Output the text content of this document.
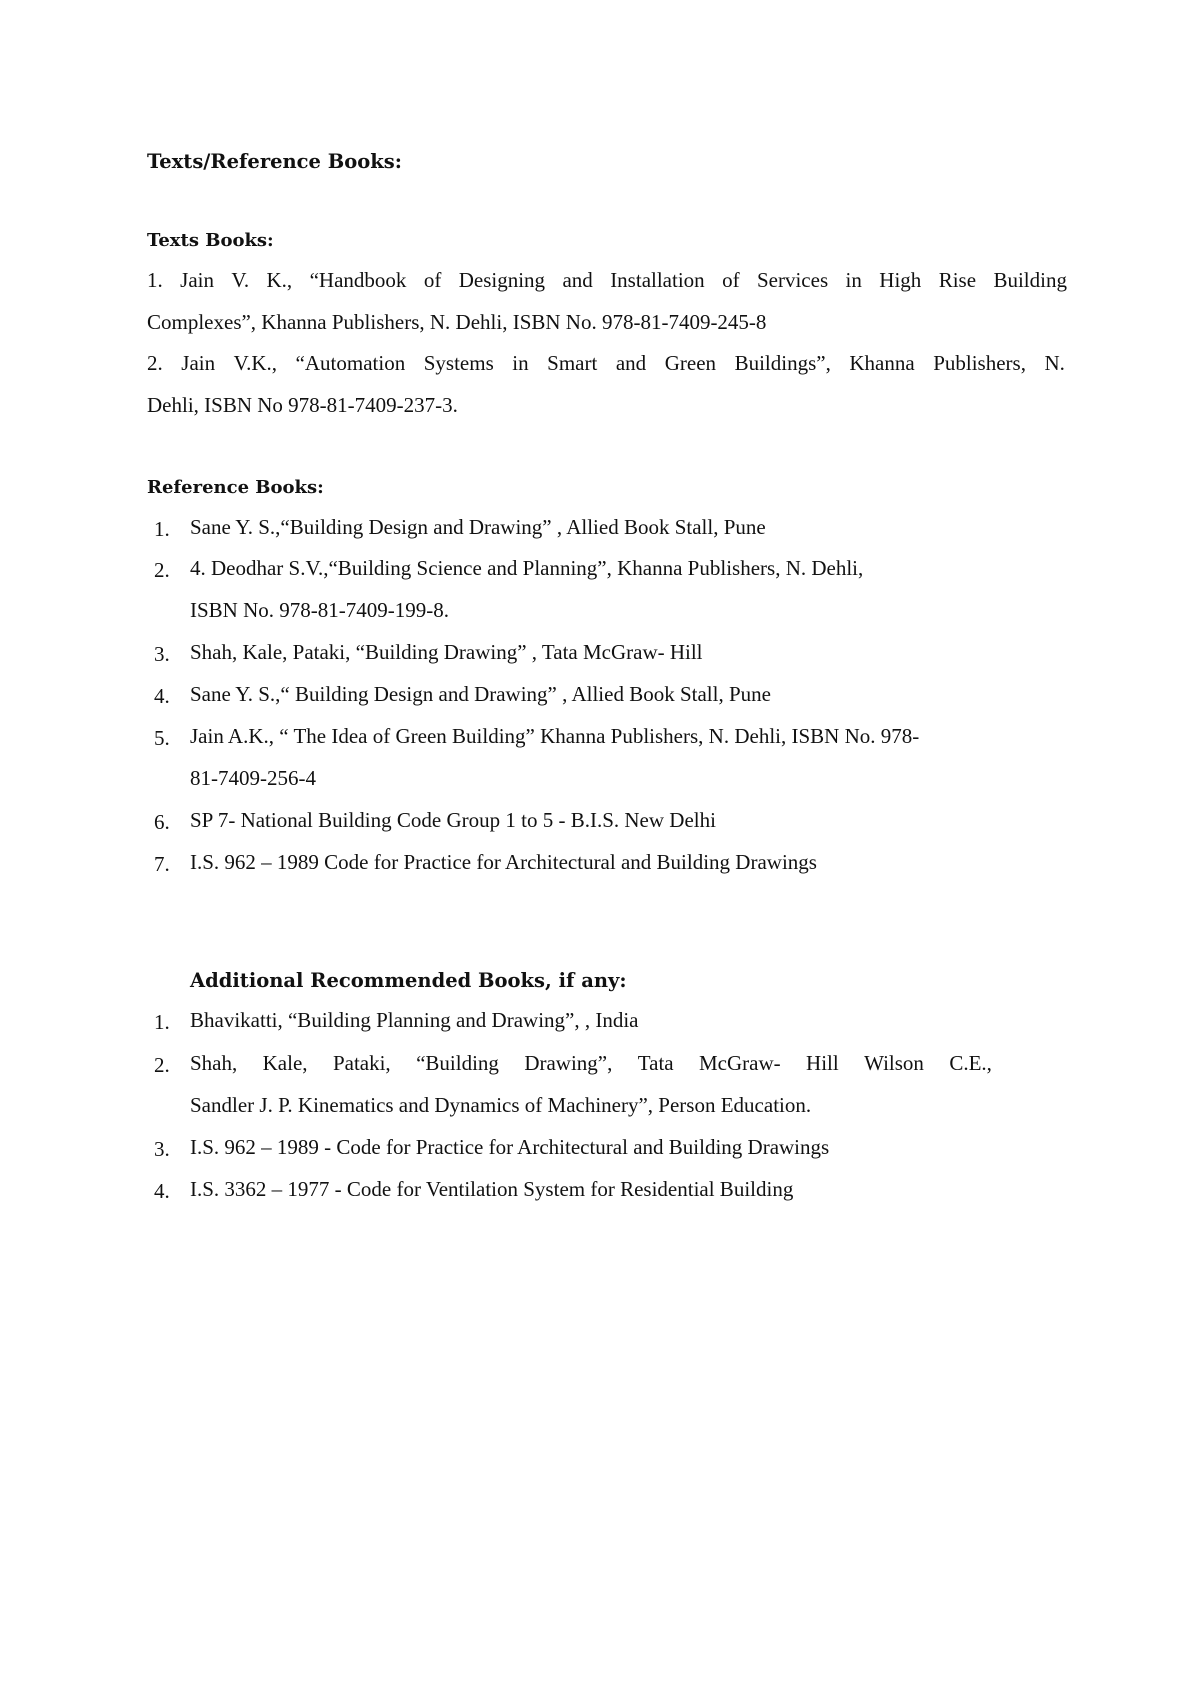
Texts/Reference Books:
Texts Books:
1. Jain V. K., “Handbook of Designing and Installation of Services in High Rise Building
Complexes”, Khanna Publishers, N. Dehli, ISBN No. 978-81-7409-245-8
2. Jain V.K., “Automation Systems in Smart and Green Buildings”, Khanna Publishers, N.
Dehli, ISBN No 978-81-7409-237-3.
Reference Books:
1. Sane Y. S.,“Building Design and Drawing” , Allied Book Stall, Pune
2. 4. Deodhar S.V.,“Building Science and Planning”, Khanna Publishers, N. Dehli,
ISBN No. 978-81-7409-199-8.
3. Shah, Kale, Pataki, “Building Drawing” , Tata McGraw- Hill
4. Sane Y. S.,“ Building Design and Drawing” , Allied Book Stall, Pune
5. Jain A.K., “ The Idea of Green Building” Khanna Publishers, N. Dehli, ISBN No. 978-
81-7409-256-4
6. SP 7- National Building Code Group 1 to 5 - B.I.S. New Delhi
7. I.S. 962 – 1989 Code for Practice for Architectural and Building Drawings
Additional Recommended Books, if any:
1. Bhavikatti, “Building Planning and Drawing”, , India
2. Shah, Kale, Pataki, “Building Drawing”, Tata McGraw- Hill Wilson C.E.,
Sandler J. P. Kinematics and Dynamics of Machinery”, Person Education.
3. I.S. 962 – 1989 - Code for Practice for Architectural and Building Drawings
4. I.S. 3362 – 1977 - Code for Ventilation System for Residential Building
